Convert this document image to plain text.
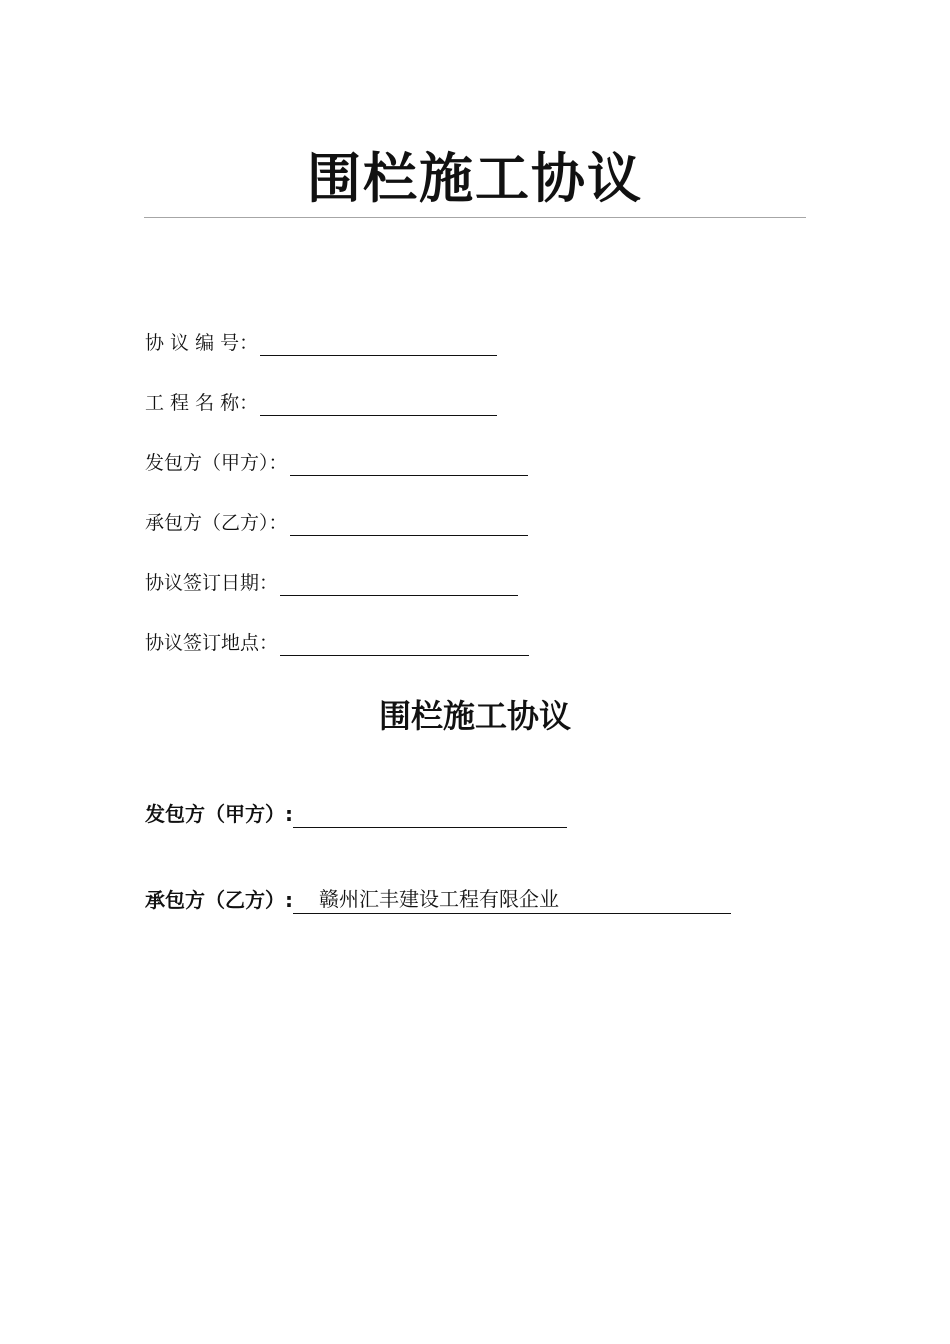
围栏施工协议
协 议 编 号：
工 程 名 称：
发包方（甲方）：
承包方（乙方）：
协议签订日期：
协议签订地点：
围栏施工协议
发包方（甲方）:
承包方（乙方）:	赣州汇丰建设工程有限企业
